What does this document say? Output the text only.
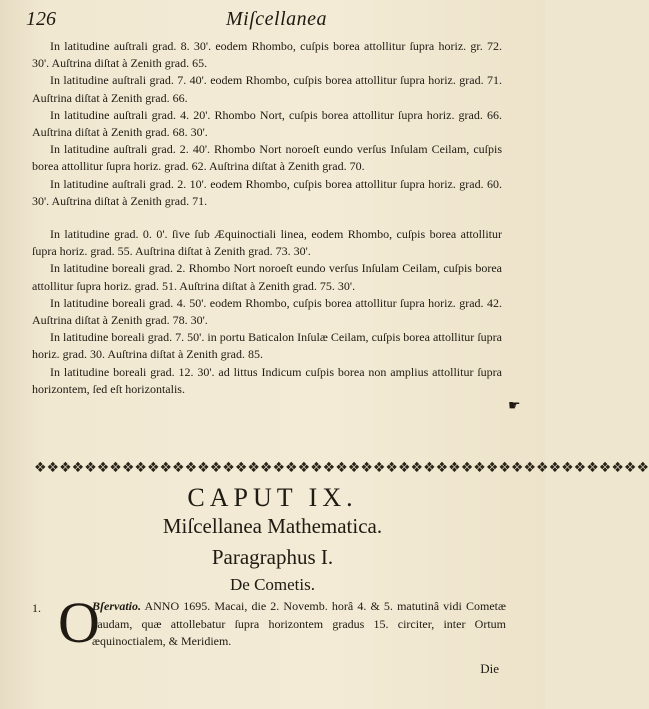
126	Miſcellanea

In latitudine auſtrali grad. 8. 30'. eodem Rhombo, cuſpis borea attollitur ſupra horiz. gr. 72. 30'. Auſtrina diſtat à Zenith grad. 65.

In latitudine auſtrali grad. 7. 40'. eodem Rhombo, cuſpis borea attollitur ſupra horiz. grad. 71. Auſtrina diſtat à Zenith grad. 66.

In latitudine auſtrali grad. 4. 20'. Rhombo Nort, cuſpis borea attollitur ſupra horiz. grad. 66. Auſtrina diſtat à Zenith grad. 68. 30'.

In latitudine auſtrali grad. 2. 40'. Rhombo Nort noroeſt eundo verſus Inſulam Ceilam, cuſpis borea attollitur ſupra horiz. grad. 62. Auſtrina diſtat à Zenith grad. 70.

In latitudine auſtrali grad. 2. 10'. eodem Rhombo, cuſpis borea attollitur ſupra horiz. grad. 60. 30'. Auſtrina diſtat à Zenith grad. 71.

In latitudine grad. 0. 0'. ſive ſub Æquinoctiali linea, eodem Rhombo, cuſpis borea attollitur ſupra horiz. grad. 55. Auſtrina diſtat à Zenith grad. 73. 30'.

In latitudine boreali grad. 2. Rhombo Nort noroeſt eundo verſus Inſulam Ceilam, cuſpis borea attollitur ſupra horiz. grad. 51. Auſtrina diſtat à Zenith grad. 75. 30'.

In latitudine boreali grad. 4. 50'. eodem Rhombo, cuſpis borea attollitur ſupra horiz. grad. 42. Auſtrina diſtat à Zenith grad. 78. 30'.

In latitudine boreali grad. 7. 50'. in portu Baticalon Inſulæ Ceilam, cuſpis borea attollitur ſupra horiz. grad. 30. Auſtrina diſtat à Zenith grad. 85.

In latitudine boreali grad. 12. 30'. ad littus Indicum cuſpis borea non amplius attollitur ſupra horizontem, ſed eſt horizontalis.

☛
❖❖❖❖❖❖❖❖❖❖❖❖❖❖❖❖❖❖❖❖❖❖❖❖❖❖❖❖❖❖❖❖❖❖❖❖❖❖❖❖❖❖❖❖❖❖❖❖❖
CAPUT IX.
Miſcellanea Mathematica.
Paragraphus I.
De Cometis.
1. O
Bſervatio. ANNO 1695. Macai, die 2. Novemb. horâ 4. & 5. matutinâ vidi Cometæ caudam, quæ attollebatur ſupra horizontem gradus 15. circiter, inter Ortum æquinoctialem, & Meridiem.
Die
